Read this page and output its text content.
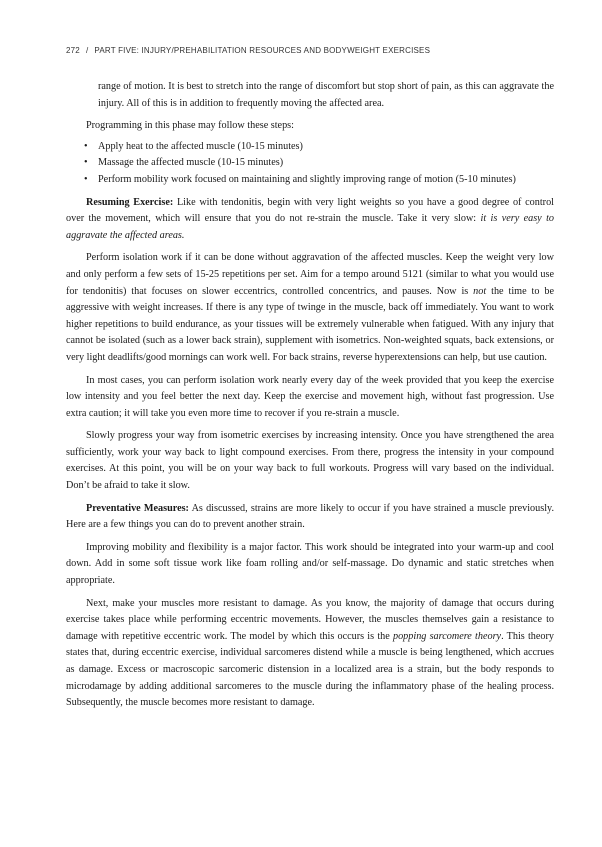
272 / PART FIVE: INJURY/PREHABILITATION RESOURCES AND BODYWEIGHT EXERCISES

range of motion. It is best to stretch into the range of discomfort but stop short of pain, as this can aggravate the injury. All of this is in addition to frequently moving the affected area.

Programming in this phase may follow these steps:

• Apply heat to the affected muscle (10-15 minutes)
• Massage the affected muscle (10-15 minutes)
• Perform mobility work focused on maintaining and slightly improving range of motion (5-10 minutes)

Resuming Exercise: Like with tendonitis, begin with very light weights so you have a good degree of control over the movement, which will ensure that you do not re-strain the muscle. Take it very slow: it is very easy to aggravate the affected areas.

Perform isolation work if it can be done without aggravation of the affected muscles. Keep the weight very low and only perform a few sets of 15-25 repetitions per set. Aim for a tempo around 5121 (similar to what you would use for tendonitis) that focuses on slower eccentrics, controlled concentrics, and pauses. Now is not the time to be aggressive with weight increases. If there is any type of twinge in the muscle, back off immediately. You want to work higher repetitions to build endurance, as your tissues will be extremely vulnerable when fatigued. With any injury that cannot be isolated (such as a lower back strain), supplement with isometrics. Non-weighted squats, back extensions, or very light deadlifts/good mornings can work well. For back strains, reverse hyperextensions can help, but use caution.

In most cases, you can perform isolation work nearly every day of the week provided that you keep the exercise low intensity and you feel better the next day. Keep the exercise and movement high, without fast progression. Use extra caution; it will take you even more time to recover if you re-strain a muscle.

Slowly progress your way from isometric exercises by increasing intensity. Once you have strengthened the area sufficiently, work your way back to light compound exercises. From there, progress the intensity in your compound exercises. At this point, you will be on your way back to full workouts. Progress will vary based on the individual. Don’t be afraid to take it slow.

Preventative Measures: As discussed, strains are more likely to occur if you have strained a muscle previously. Here are a few things you can do to prevent another strain.

Improving mobility and flexibility is a major factor. This work should be integrated into your warm-up and cool down. Add in some soft tissue work like foam rolling and/or self-massage. Do dynamic and static stretches when appropriate.

Next, make your muscles more resistant to damage. As you know, the majority of damage that occurs during exercise takes place while performing eccentric movements. However, the muscles themselves gain a resistance to damage with repetitive eccentric work. The model by which this occurs is the popping sarcomere theory. This theory states that, during eccentric exercise, individual sarcomeres distend while a muscle is being lengthened, which accrues as damage. Excess or macroscopic sarcomeric distension in a localized area is a strain, but the body responds to microdamage by adding additional sarcomeres to the muscle during the inflammatory phase of the healing process. Subsequently, the muscle becomes more resistant to damage.
